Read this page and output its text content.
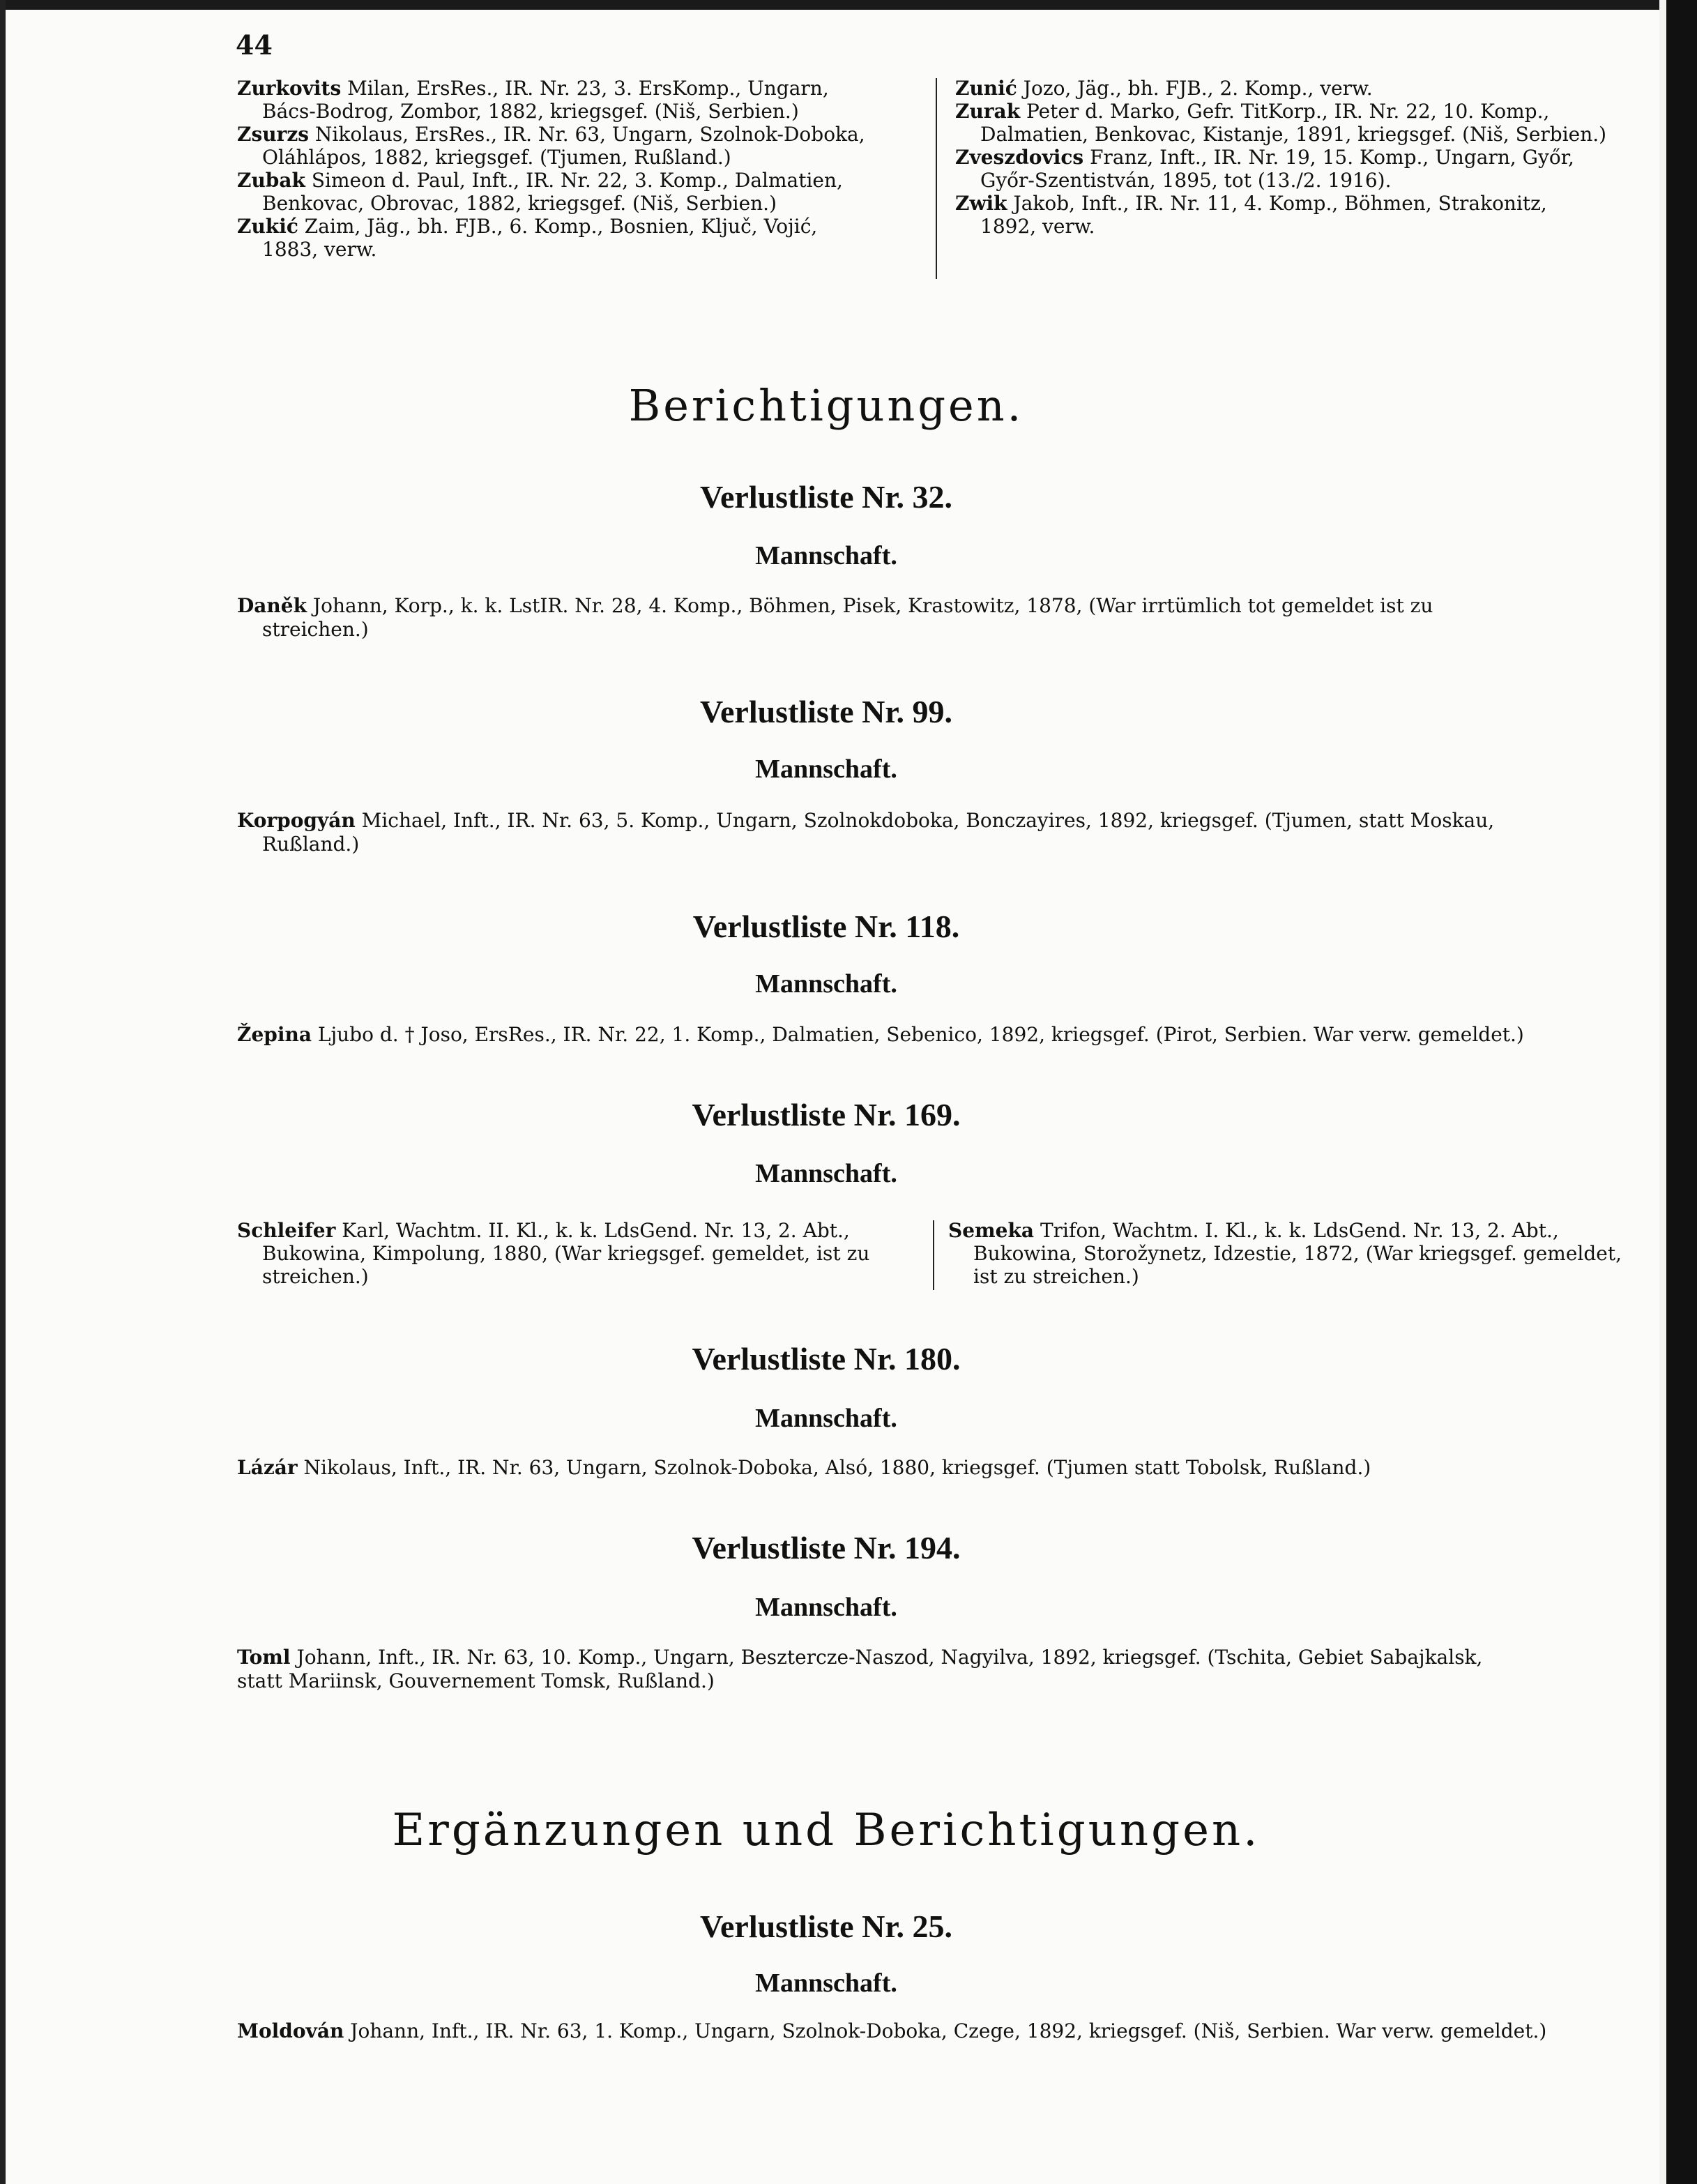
44

Zurkovits Milan, ErsRes., IR. Nr. 23, 3. ErsKomp., Ungarn,
Bács-Bodrog, Zombor, 1882, kriegsgef. (Niš, Serbien.)

Zsurzs Nikolaus, ErsRes., IR. Nr. 63, Ungarn, Szolnok-Doboka,
Oláhlápos, 1882, kriegsgef. (Tjumen, Rußland.)

Zubak Simeon d. Paul, Inft., IR. Nr. 22, 3. Komp., Dalmatien,
Benkovac, Obrovac, 1882, kriegsgef. (Niš, Serbien.)

Zukić Zaim, Jäg., bh. FJB., 6. Komp., Bosnien, Ključ, Vojić,
1883, verw.

Zunić Jozo, Jäg., bh. FJB., 2. Komp., verw.

Zurak Peter d. Marko, Gefr. TitKorp., IR. Nr. 22, 10. Komp.,
Dalmatien, Benkovac, Kistanje, 1891, kriegsgef. (Niš, Serbien.)

Zveszdovics Franz, Inft., IR. Nr. 19, 15. Komp., Ungarn, Győr,
Győr-Szentistván, 1895, tot (13./2. 1916).

Zwik Jakob, Inft., IR. Nr. 11, 4. Komp., Böhmen, Strakonitz,
1892, verw.

Berichtigungen.
Verlustliste Nr. 32.
Mannschaft.
Daněk Johann, Korp., k. k. LstIR. Nr. 28, 4. Komp., Böhmen, Pisek, Krastowitz, 1878, (War irrtümlich tot gemeldet ist zu
streichen.)
Verlustliste Nr. 99.
Mannschaft.
Korpogyán Michael, Inft., IR. Nr. 63, 5. Komp., Ungarn, Szolnokdoboka, Bonczayires, 1892, kriegsgef. (Tjumen, statt Moskau,
Rußland.)
Verlustliste Nr. 118.
Mannschaft.
Žepina Ljubo d. † Joso, ErsRes., IR. Nr. 22, 1. Komp., Dalmatien, Sebenico, 1892, kriegsgef. (Pirot, Serbien. War verw. gemeldet.)
Verlustliste Nr. 169.
Mannschaft.
Schleifer Karl, Wachtm. II. Kl., k. k. LdsGend. Nr. 13, 2. Abt.,
Bukowina, Kimpolung, 1880, (War kriegsgef. gemeldet, ist zu streichen.)
Semeka Trifon, Wachtm. I. Kl., k. k. LdsGend. Nr. 13, 2. Abt.,
Bukowina, Storožynetz, Idzestie, 1872, (War kriegsgef. gemeldet, ist zu streichen.)
Verlustliste Nr. 180.
Mannschaft.
Lázár Nikolaus, Inft., IR. Nr. 63, Ungarn, Szolnok-Doboka, Alsó, 1880, kriegsgef. (Tjumen statt Tobolsk, Rußland.)
Verlustliste Nr. 194.
Mannschaft.
Toml Johann, Inft., IR. Nr. 63, 10. Komp., Ungarn, Besztercze-Naszod, Nagyilva, 1892, kriegsgef. (Tschita, Gebiet Sabajkalsk,
statt Mariinsk, Gouvernement Tomsk, Rußland.)
Ergänzungen und Berichtigungen.
Verlustliste Nr. 25.
Mannschaft.
Moldován Johann, Inft., IR. Nr. 63, 1. Komp., Ungarn, Szolnok-Doboka, Czege, 1892, kriegsgef. (Niš, Serbien. War verw. gemeldet.)
